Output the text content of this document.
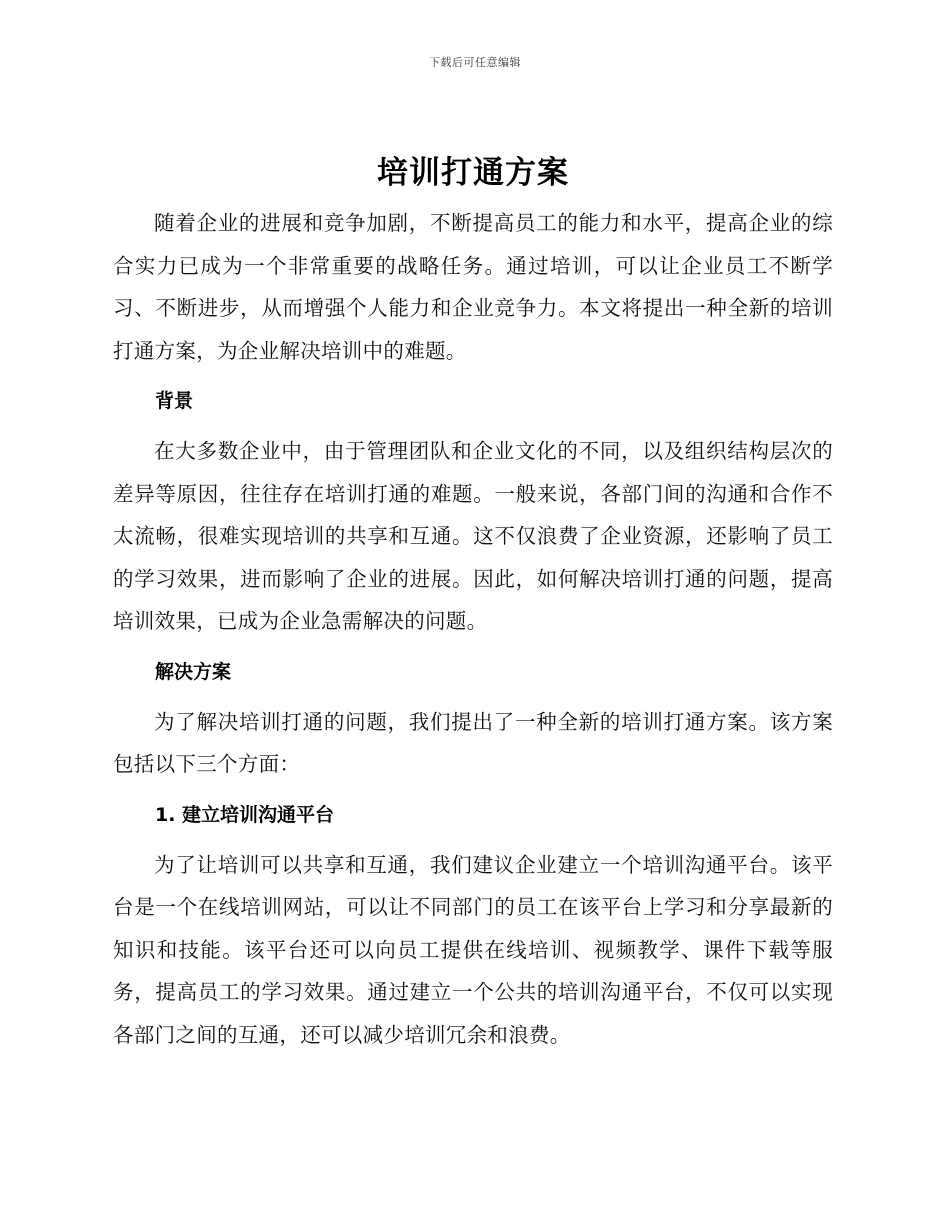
下载后可任意编辑
培训打通方案

随着企业的进展和竞争加剧，不断提高员工的能力和水平，提高企业的综合实力已成为一个非常重要的战略任务。通过培训，可以让企业员工不断学习、不断进步，从而增强个人能力和企业竞争力。本文将提出一种全新的培训打通方案，为企业解决培训中的难题。

背景

在大多数企业中，由于管理团队和企业文化的不同，以及组织结构层次的差异等原因，往往存在培训打通的难题。一般来说，各部门间的沟通和合作不太流畅，很难实现培训的共享和互通。这不仅浪费了企业资源，还影响了员工的学习效果，进而影响了企业的进展。因此，如何解决培训打通的问题，提高培训效果，已成为企业急需解决的问题。

解决方案

为了解决培训打通的问题，我们提出了一种全新的培训打通方案。该方案包括以下三个方面：

1. 建立培训沟通平台

为了让培训可以共享和互通，我们建议企业建立一个培训沟通平台。该平台是一个在线培训网站，可以让不同部门的员工在该平台上学习和分享最新的知识和技能。该平台还可以向员工提供在线培训、视频教学、课件下载等服务，提高员工的学习效果。通过建立一个公共的培训沟通平台，不仅可以实现各部门之间的互通，还可以减少培训冗余和浪费。
